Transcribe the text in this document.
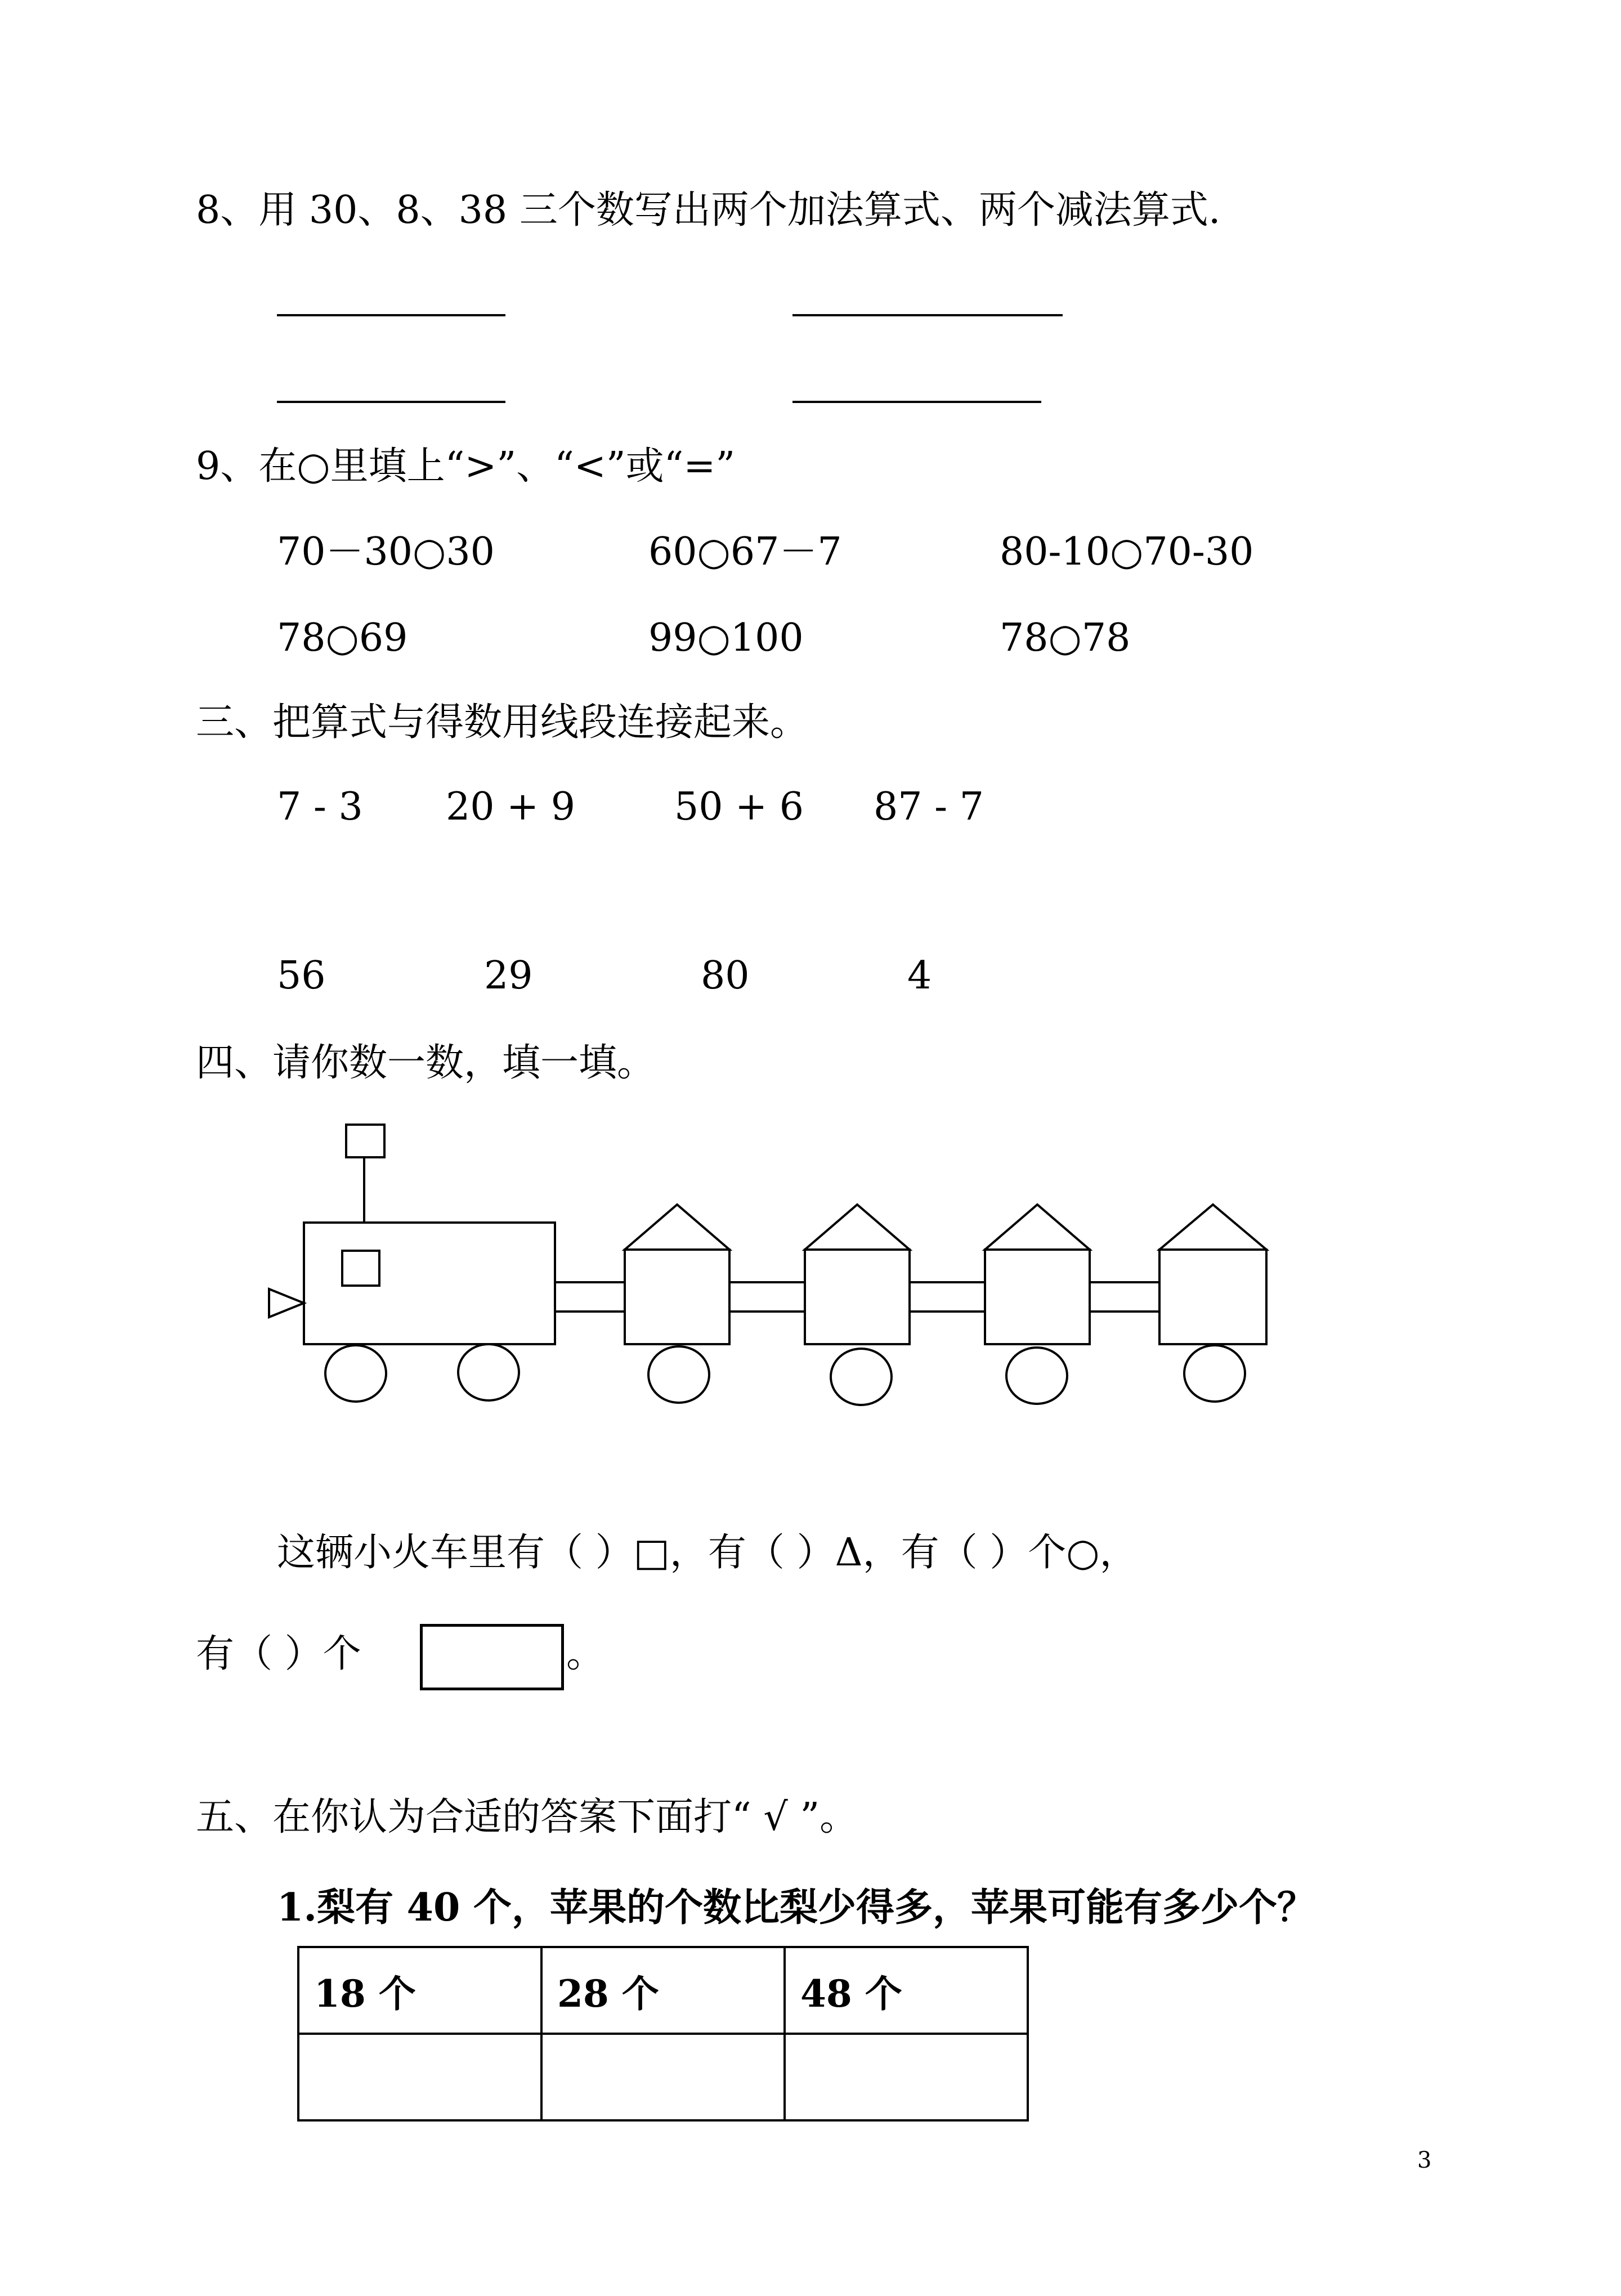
8、用 30、8、38 三个数写出两个加法算式、两个减法算式.
9、在○里填上“>”、“<”或“=”
70－30○30	60○67－7	80-10○70-30
78○69	99○100	78○78
三、把算式与得数用线段连接起来。
7 - 3 20 + 9	50 + 6 87 - 7
56	29	80	4
四、请你数一数，填一填。
这辆小火车里有（ ）□，有（ ）Δ，有（ ）个○，
有（ ）个	。
五、在你认为合适的答案下面打“ √ ”。
1.梨有 40 个，苹果的个数比梨少得多，苹果可能有多少个？
18 个	28 个	48 个

3
